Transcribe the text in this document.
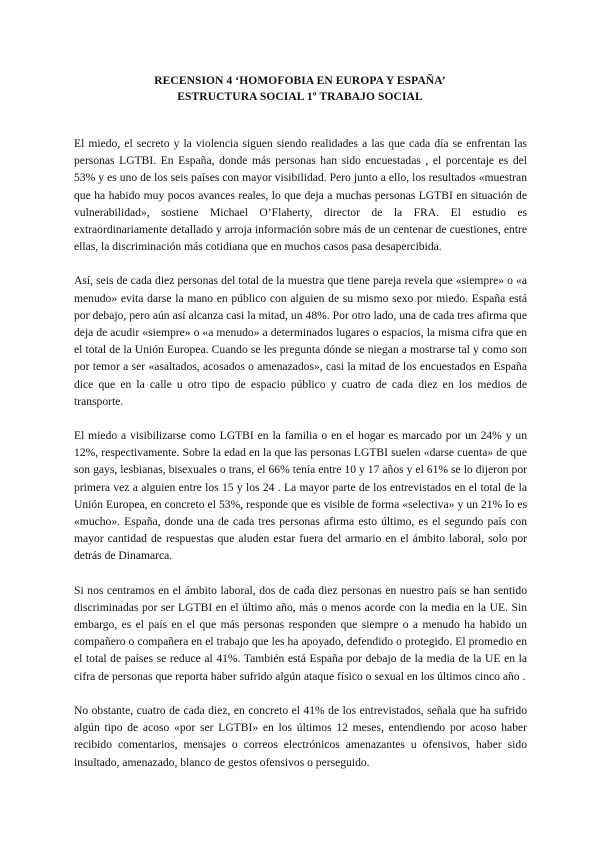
RECENSION 4 ‘HOMOFOBIA EN EUROPA Y ESPAÑA’
ESTRUCTURA SOCIAL 1º TRABAJO SOCIAL

El miedo, el secreto y la violencia siguen siendo realidades a las que cada día se enfrentan las personas LGTBI. En España, donde más personas han sido encuestadas , el porcentaje es del 53% y es uno de los seis países con mayor visibilidad. Pero junto a ello, los resultados «muestran que ha habido muy pocos avances reales, lo que deja a muchas personas LGTBI en situación de vulnerabilidad», sostiene Michael O’Flaherty, director de la FRA. El estudio es extraordinariamente detallado y arroja información sobre más de un centenar de cuestiones, entre ellas, la discriminación más cotidiana que en muchos casos pasa desapercibida.

Así, seis de cada diez personas del total de la muestra que tiene pareja revela que «siempre» o «a menudo» evita darse la mano en público con alguien de su mismo sexo por miedo. España está por debajo, pero aún así alcanza casi la mitad, un 48%. Por otro lado, una de cada tres afirma que deja de acudir «siempre» o «a menudo» a determinados lugares o espacios, la misma cifra que en el total de la Unión Europea. Cuando se les pregunta dónde se niegan a mostrarse tal y como son por temor a ser «asaltados, acosados o amenazados», casi la mitad de los encuestados en España dice que en la calle u otro tipo de espacio público y cuatro de cada diez en los medios de transporte.

El miedo a visibilizarse como LGTBI en la familia o en el hogar es marcado por un 24% y un 12%, respectivamente. Sobre la edad en la que las personas LGTBI suelen «darse cuenta» de que son gays, lesbianas, bisexuales o trans, el 66% tenía entre 10 y 17 años y el 61% se lo dijeron por primera vez a alguien entre los 15 y los 24 . La mayor parte de los entrevistados en el total de la Unión Europea, en concreto el 53%, responde que es visible de forma «selectiva» y un 21% lo es «mucho». España, donde una de cada tres personas afirma esto último, es el segundo país con mayor cantidad de respuestas que aluden estar fuera del armario en el ámbito laboral, solo por detrás de Dinamarca.

Si nos centramos en el ámbito laboral, dos de cada diez personas en nuestro país se han sentido discriminadas por ser LGTBI en el último año, más o menos acorde con la media en la UE. Sin embargo, es el país en el que más personas responden que siempre o a menudo ha habido un compañero o compañera en el trabajo que les ha apoyado, defendido o protegido. El promedio en el total de países se reduce al 41%. También está España por debajo de la media de la UE en la cifra de personas que reporta haber sufrido algún ataque físico o sexual en los últimos cinco año .

No obstante, cuatro de cada diez, en concreto el 41% de los entrevistados, señala que ha sufrido algún tipo de acoso «por ser LGTBI» en los últimos 12 meses, entendiendo por acoso haber recibido comentarios, mensajes o correos electrónicos amenazantes u ofensivos, haber sido insultado, amenazado, blanco de gestos ofensivos o perseguido.
